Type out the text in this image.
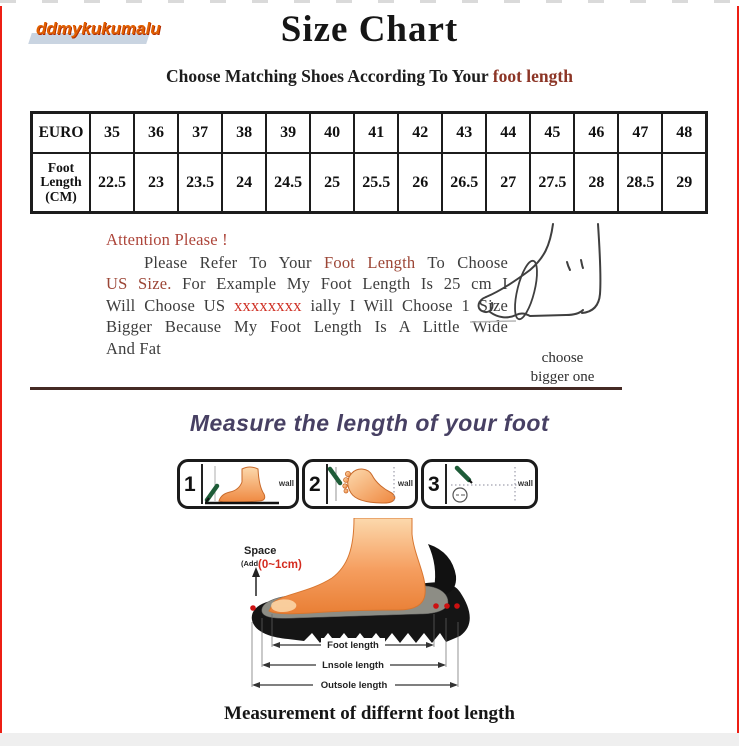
ddmykukumalu	Size Chart
Choose Matching Shoes According To Your foot length
EURO	35	36	37	38	39	40	41	42	43	44	45	46	47	48

Foot
Length
(CM)	22.5	23	23.5	24	24.5	25	25.5	26	26.5	27	27.5	28	28.5	29
Attention Please !
Please Refer To Your Foot Length To Choose
US Size. For Example My Foot Length Is 25 cm I
Will Choose US xxxxxxxx ially I Will Choose 1 Size
Bigger Because My Foot Length Is A Little Wide
And Fat
choose
bigger one
Measure the length of your foot
1	wall 2	wall 3	wall
Space
(Add (0~1cm)
Foot length
Lnsole length
Outsole length
Measurement of differnt foot length
